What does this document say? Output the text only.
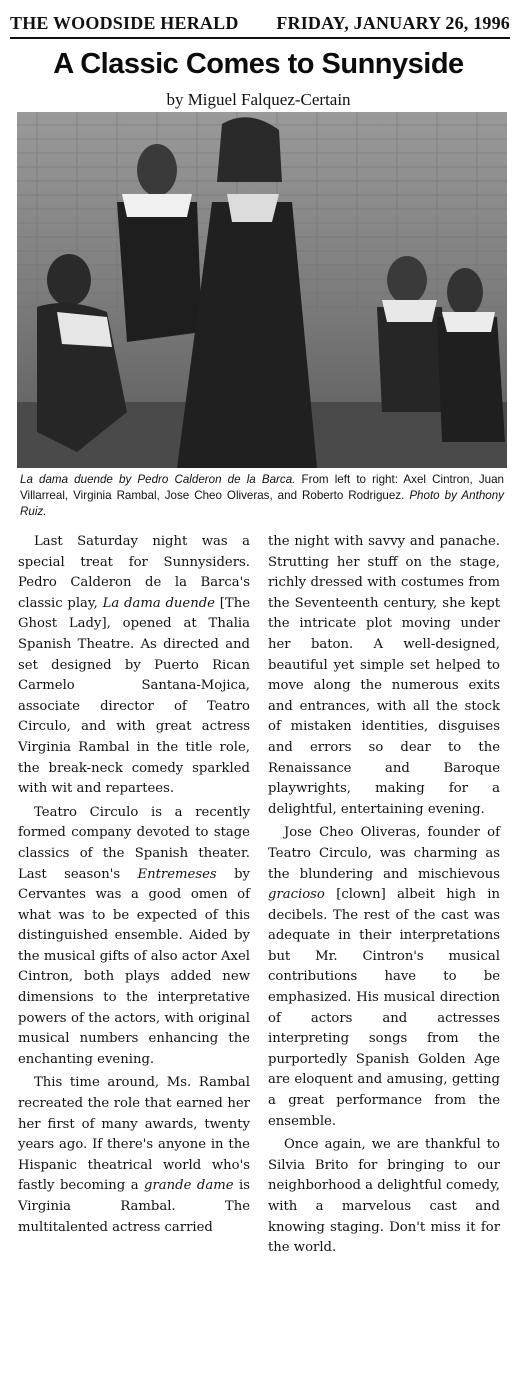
THE WOODSIDE HERALD FRIDAY, JANUARY 26, 1996
A Classic Comes to Sunnyside
by Miguel Falquez-Certain
La dama duende by Pedro Calderon de la Barca. From left to right: Axel Cintron, Juan Villarreal, Virginia Rambal, Jose Cheo Oliveras, and Roberto Rodriguez. Photo by Anthony Ruiz.

Last Saturday night was a special treat for Sunnysiders. Pedro Calderon de la Barca's classic play, La dama duende [The Ghost Lady], opened at Thalia Spanish Theatre. As directed and set designed by Puerto Rican Carmelo Santana-Mojica, associate director of Teatro Circulo, and with great actress Virginia Rambal in the title role, the break-neck comedy sparkled with wit and repartees.

Teatro Circulo is a recently formed company devoted to stage classics of the Spanish theater. Last season's Entremeses by Cervantes was a good omen of what was to be expected of this distinguished ensemble. Aided by the musical gifts of also actor Axel Cintron, both plays added new dimensions to the interpretative powers of the actors, with original musical numbers enhancing the enchanting evening.

This time around, Ms. Rambal recreated the role that earned her her first of many awards, twenty years ago. If there's anyone in the Hispanic theatrical world who's fastly becoming a grande dame is Virginia Rambal. The multitalented actress carried

the night with savvy and panache. Strutting her stuff on the stage, richly dressed with costumes from the Seventeenth century, she kept the intricate plot moving under her baton. A well-designed, beautiful yet simple set helped to move along the numerous exits and entrances, with all the stock of mistaken identities, disguises and errors so dear to the Renaissance and Baroque playwrights, making for a delightful, entertaining evening.

Jose Cheo Oliveras, founder of Teatro Circulo, was charming as the blundering and mischievous gracioso [clown] albeit high in decibels. The rest of the cast was adequate in their interpretations but Mr. Cintron's musical contributions have to be emphasized. His musical direction of actors and actresses interpreting songs from the purportedly Spanish Golden Age are eloquent and amusing, getting a great performance from the ensemble.

Once again, we are thankful to Silvia Brito for bringing to our neighborhood a delightful comedy, with a marvelous cast and knowing staging. Don't miss it for the world.
